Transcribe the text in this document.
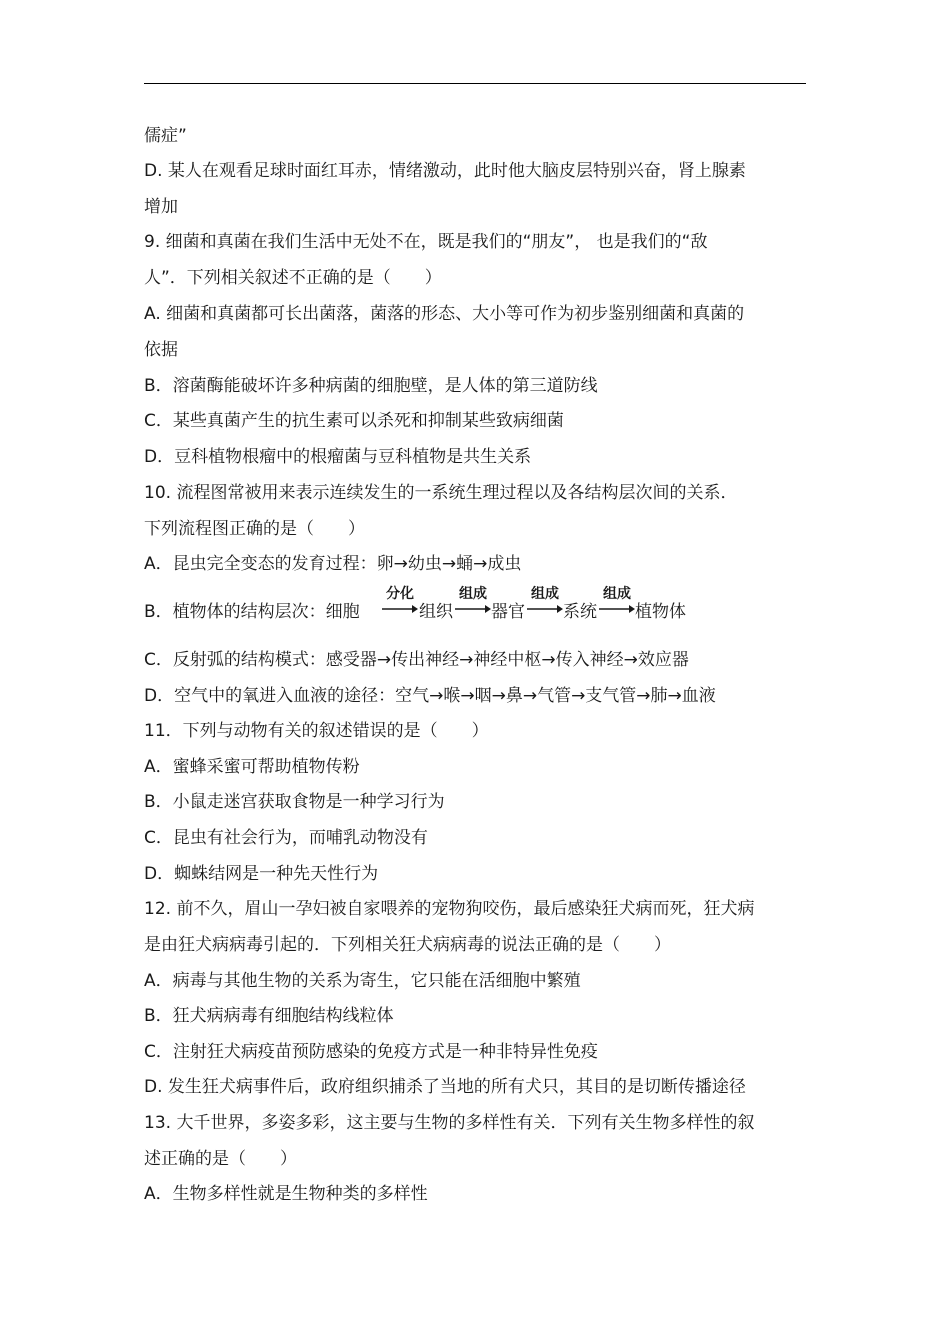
儒症”
D. 某人在观看足球时面红耳赤，情绪激动，此时他大脑皮层特别兴奋，肾上腺素
增加
9. 细菌和真菌在我们生活中无处不在，既是我们的“朋友”， 也是我们的“敌
人”．下列相关叙述不正确的是（　　）
A. 细菌和真菌都可长出菌落，菌落的形态、大小等可作为初步鉴别细菌和真菌的
依据
B．溶菌酶能破坏许多种病菌的细胞壁，是人体的第三道防线
C．某些真菌产生的抗生素可以杀死和抑制某些致病细菌
D．豆科植物根瘤中的根瘤菌与豆科植物是共生关系
10. 流程图常被用来表示连续发生的一系统生理过程以及各结构层次间的关系．
下列流程图正确的是（　　）
A．昆虫完全变态的发育过程：卵→幼虫→蛹→成虫
B．植物体的结构层次：细胞
分化
组织
组成
器官
组成
系统
组成
植物体
C．反射弧的结构模式：感受器→传出神经→神经中枢→传入神经→效应器
D．空气中的氧进入血液的途径：空气→喉→咽→鼻→气管→支气管→肺→血液
11．下列与动物有关的叙述错误的是（　　）
A．蜜蜂采蜜可帮助植物传粉
B．小鼠走迷宫获取食物是一种学习行为
C．昆虫有社会行为，而哺乳动物没有
D．蜘蛛结网是一种先天性行为
12. 前不久，眉山一孕妇被自家喂养的宠物狗咬伤，最后感染狂犬病而死，狂犬病
是由狂犬病病毒引起的．下列相关狂犬病病毒的说法正确的是（　　）
A．病毒与其他生物的关系为寄生，它只能在活细胞中繁殖
B．狂犬病病毒有细胞结构线粒体
C．注射狂犬病疫苗预防感染的免疫方式是一种非特异性免疫
D. 发生狂犬病事件后，政府组织捕杀了当地的所有犬只，其目的是切断传播途径
13. 大千世界，多姿多彩，这主要与生物的多样性有关．下列有关生物多样性的叙
述正确的是（　　）
A．生物多样性就是生物种类的多样性
